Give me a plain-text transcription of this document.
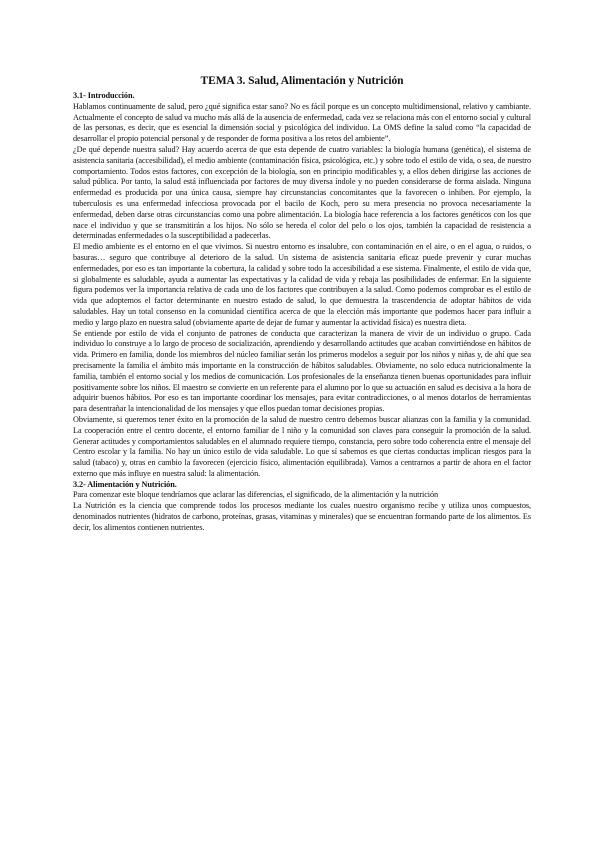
TEMA 3. Salud, Alimentación y Nutrición

3.1- Introducción.

Hablamos continuamente de salud, pero ¿qué significa estar sano? No es fácil porque es un concepto multidimensional, relativo y cambiante. Actualmente el concepto de salud va mucho más allá de la ausencia de enfermedad, cada vez se relaciona más con el entorno social y cultural de las personas, es decir, que es esencial la dimensión social y psicológica del individuo. La OMS define la salud como “la capacidad de desarrollar el propio potencial personal y de responder de forma positiva a los retos del ambiente”.

¿De qué depende nuestra salud? Hay acuerdo acerca de que esta depende de cuatro variables: la biología humana (genética), el sistema de asistencia sanitaria (accesibilidad), el medio ambiente (contaminación física, psicológica, etc.) y sobre todo el estilo de vida, o sea, de nuestro comportamiento. Todos estos factores, con excepción de la biología, son en principio modificables y, a ellos deben dirigirse las acciones de salud pública. Por tanto, la salud está influenciada por factores de muy diversa índole y no pueden considerarse de forma aislada. Ninguna enfermedad es producida por una única causa, siempre hay circunstancias concomitantes que la favorecen o inhiben. Por ejemplo, la tuberculosis es una enfermedad infecciosa provocada por el bacilo de Koch, pero su mera presencia no provoca necesariamente la enfermedad, deben darse otras circunstancias como una pobre alimentación. La biología hace referencia a los factores genéticos con los que nace el individuo y que se transmitirán a los hijos. No sólo se hereda el color del pelo o los ojos, también la capacidad de resistencia a determinadas enfermedades o la susceptibilidad a padecerlas.

El medio ambiente es el entorno en el que vivimos. Si nuestro entorno es insalubre, con contaminación en el aire, o en el agua, o ruidos, o basuras… seguro que contribuye al deterioro de la salud. Un sistema de asistencia sanitaria eficaz puede prevenir y curar muchas enfermedades, por eso es tan importante la cobertura, la calidad y sobre todo la accesibilidad a ese sistema. Finalmente, el estilo de vida que, si globalmente es saludable, ayuda a aumentar las expectativas y la calidad de vida y rebaja las posibilidades de enfermar. En la siguiente figura podemos ver la importancia relativa de cada uno de los factores que contribuyen a la salud. Como podemos comprobar es el estilo de vida que adoptemos el factor determinante en nuestro estado de salud, lo que demuestra la trascendencia de adoptar hábitos de vida saludables. Hay un total consenso en la comunidad científica acerca de que la elección más importante que podemos hacer para influir a medio y largo plazo en nuestra salud (obviamente aparte de dejar de fumar y aumentar la actividad física) es nuestra dieta.

Se entiende por estilo de vida el conjunto de patrones de conducta que caracterizan la manera de vivir de un individuo o grupo. Cada individuo lo construye a lo largo de proceso de socialización, aprendiendo y desarrollando actitudes que acaban convirtiéndose en hábitos de vida. Primero en familia, donde los miembros del núcleo familiar serán los primeros modelos a seguir por los niños y niñas y, de ahí que sea precisamente la familia el ámbito más importante en la construcción de hábitos saludables. Obviamente, no solo educa nutricionalmente la familia, también el entorno social y los medios de comunicación. Los profesionales de la enseñanza tienen buenas oportunidades para influir positivamente sobre los niños. El maestro se convierte en un referente para el alumno por lo que su actuación en salud es decisiva a la hora de adquirir buenos hábitos. Por eso es tan importante coordinar los mensajes, para evitar contradicciones, o al menos dotarlos de herramientas para desentrañar la intencionalidad de los mensajes y que ellos puedan tomar decisiones propias.

Obviamente, si queremos tener éxito en la promoción de la salud de nuestro centro debemos buscar alianzas con la familia y la comunidad. La cooperación entre el centro docente, el entorno familiar de l niño y la comunidad son claves para conseguir la promoción de la salud. Generar actitudes y comportamientos saludables en el alumnado requiere tiempo, constancia, pero sobre todo coherencia entre el mensaje del Centro escolar y la familia. No hay un único estilo de vida saludable. Lo que sí sabemos es que ciertas conductas implican riesgos para la salud (tabaco) y, otras en cambio la favorecen (ejercicio físico, alimentación equilibrada). Vamos a centrarnos a partir de ahora en el factor externo que más influye en nuestra salud: la alimentación.

3.2- Alimentación y Nutrición.

Para comenzar este bloque tendríamos que aclarar las diferencias, el significado, de la alimentación y la nutrición

La Nutrición es la ciencia que comprende todos los procesos mediante los cuales nuestro organismo recibe y utiliza unos compuestos, denominados nutrientes (hidratos de carbono, proteínas, grasas, vitaminas y minerales) que se encuentran formando parte de los alimentos. Es decir, los alimentos contienen nutrientes.
